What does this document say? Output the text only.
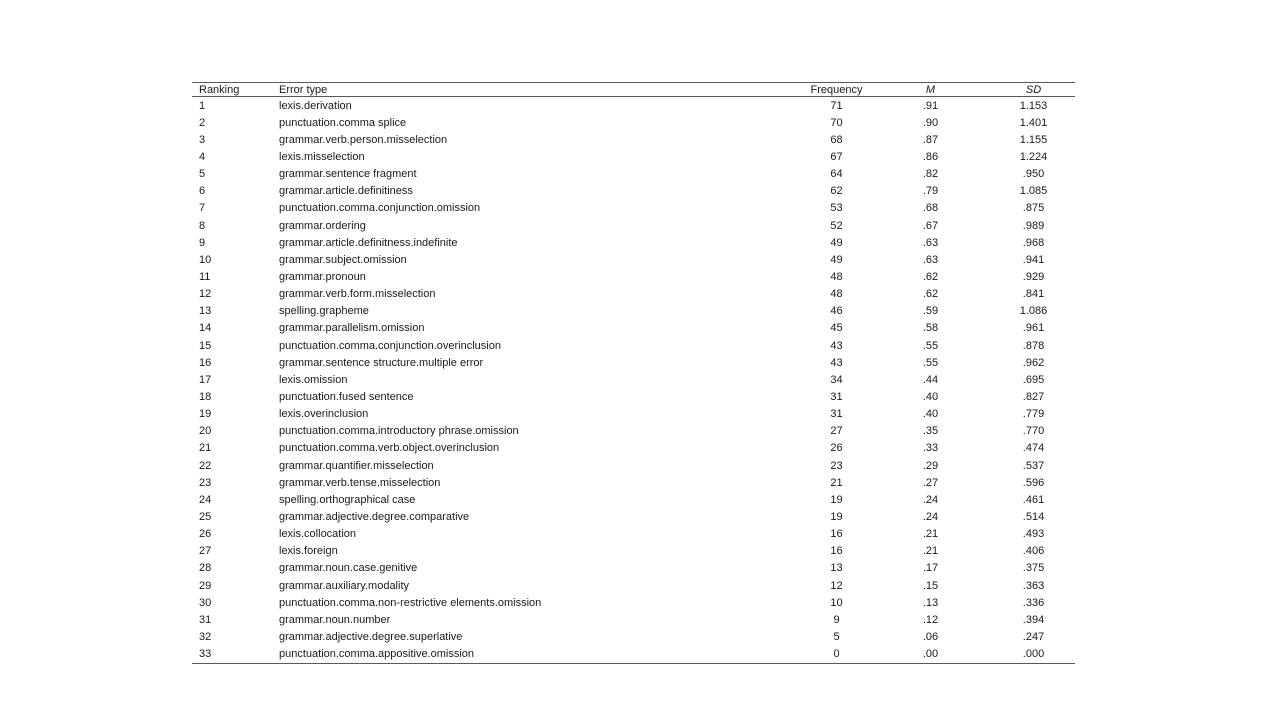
Ranking	Error type	Frequency	M	SD
1	lexis.derivation	71	.91	1.153
2	punctuation.comma splice	70	.90	1.401
3	grammar.verb.person.misselection	68	.87	1.155
4	lexis.misselection	67	.86	1.224
5	grammar.sentence fragment	64	.82	.950
6	grammar.article.definitiness	62	.79	1.085
7	punctuation.comma.conjunction.omission	53	.68	.875
8	grammar.ordering	52	.67	.989
9	grammar.article.definitness.indefinite	49	.63	.968
10	grammar.subject.omission	49	.63	.941
11	grammar.pronoun	48	.62	.929
12	grammar.verb.form.misselection	48	.62	.841
13	spelling.grapheme	46	.59	1.086
14	grammar.parallelism.omission	45	.58	.961
15	punctuation.comma.conjunction.overinclusion	43	.55	.878
16	grammar.sentence structure.multiple error	43	.55	.962
17	lexis.omission	34	.44	.695
18	punctuation.fused sentence	31	.40	.827
19	lexis.overinclusion	31	.40	.779
20	punctuation.comma.introductory phrase.omission	27	.35	.770
21	punctuation.comma.verb.object.overinclusion	26	.33	.474
22	grammar.quantifier.misselection	23	.29	.537
23	grammar.verb.tense.misselection	21	.27	.596
24	spelling.orthographical case	19	.24	.461
25	grammar.adjective.degree.comparative	19	.24	.514
26	lexis.collocation	16	.21	.493
27	lexis.foreign	16	.21	.406
28	grammar.noun.case.genitive	13	.17	.375
29	grammar.auxiliary.modality	12	.15	.363
30	punctuation.comma.non-restrictive elements.omission	10	.13	.336
31	grammar.noun.number	9	.12	.394
32	grammar.adjective.degree.superlative	5	.06	.247
33	punctuation.comma.appositive.omission	0	.00	.000
